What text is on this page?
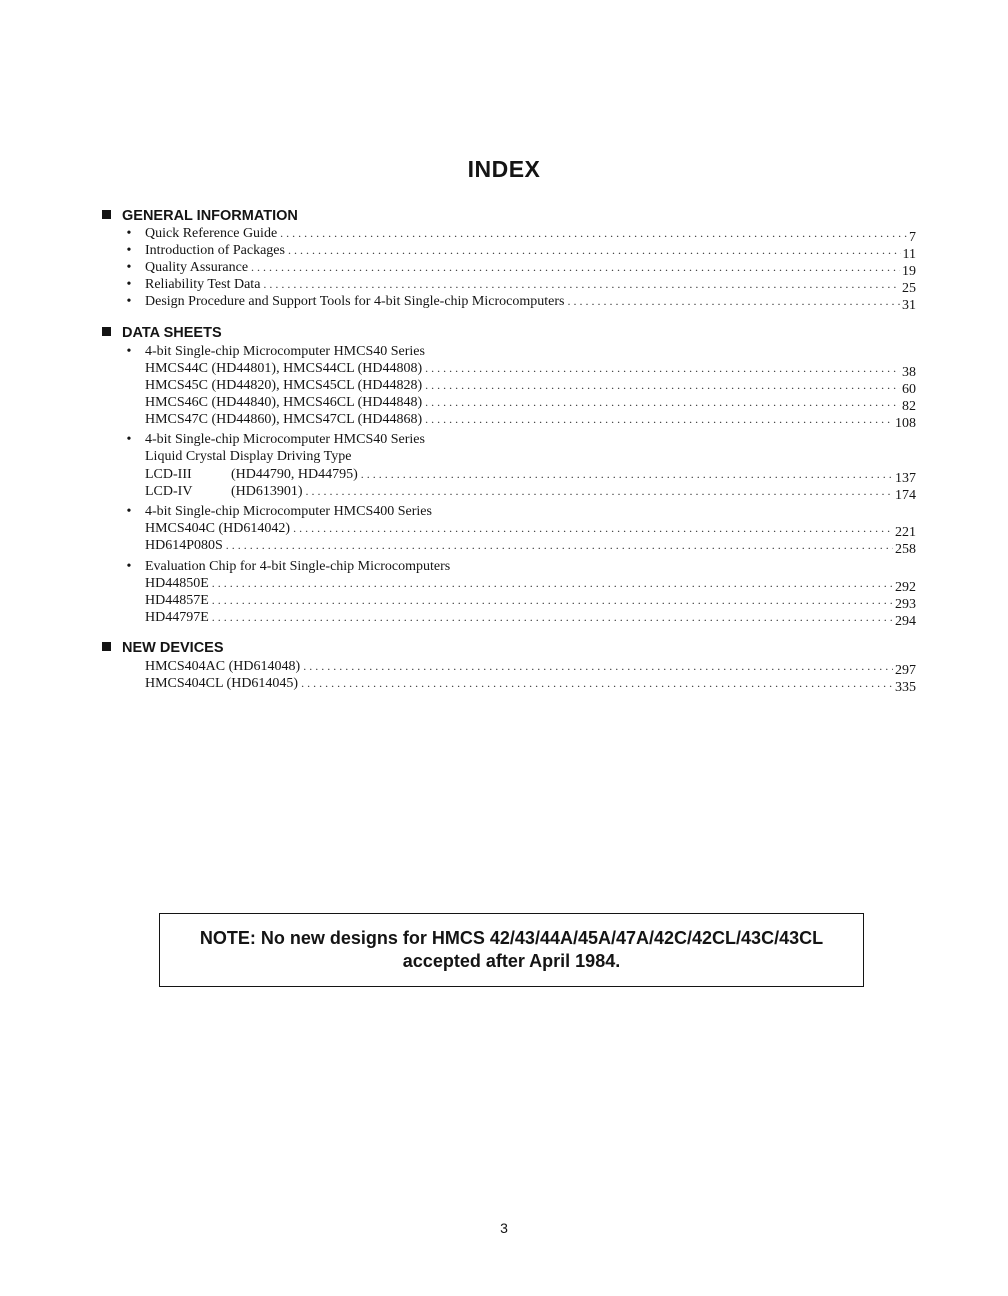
INDEX
GENERAL INFORMATION
• Quick Reference Guide .....	7
• Introduction of Packages .....	11
• Quality Assurance .....	19
• Reliability Test Data .....	25
• Design Procedure and Support Tools for 4-bit Single-chip Microcomputers .....	31
DATA SHEETS
• 4-bit Single-chip Microcomputer HMCS40 Series
HMCS44C (HD44801), HMCS44CL (HD44808) .....	38
HMCS45C (HD44820), HMCS45CL (HD44828) .....	60
HMCS46C (HD44840), HMCS46CL (HD44848) .....	82
HMCS47C (HD44860), HMCS47CL (HD44868) .....	108
• 4-bit Single-chip Microcomputer HMCS40 Series
Liquid Crystal Display Driving Type
LCD-III	(HD44790, HD44795) .....	137
LCD-IV	(HD613901) .....	174
• 4-bit Single-chip Microcomputer HMCS400 Series
HMCS404C (HD614042) .....	221
HD614P080S .....	258
• Evaluation Chip for 4-bit Single-chip Microcomputers
HD44850E .....	292
HD44857E .....	293
HD44797E .....	294
NEW DEVICES
HMCS404AC (HD614048) .....	297
HMCS404CL (HD614045) .....	335
NOTE: No new designs for HMCS 42/43/44A/45A/47A/42C/42CL/43C/43CL
accepted after April 1984.
3
